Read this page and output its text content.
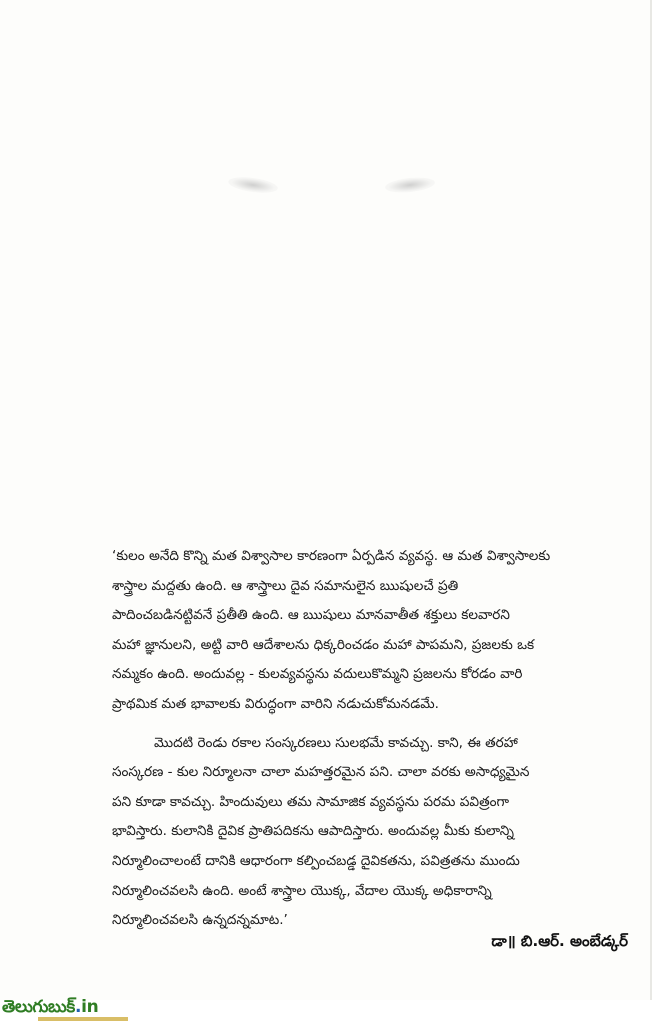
‘కులం అనేది కొన్ని మత విశ్వాసాల కారణంగా ఏర్పడిన వ్యవస్థ. ఆ మత విశ్వాసాలకు
శాస్త్రాల మద్దతు ఉంది. ఆ శాస్త్రాలు దైవ సమానులైన ఋషులచే ప్రతి
పాదించబడినట్టివనే ప్రతీతి ఉంది. ఆ ఋషులు మానవాతీత శక్తులు కలవారని
మహా జ్ఞానులని, అట్టి వారి ఆదేశాలను ధిక్కరించడం మహా పాపమని, ప్రజలకు ఒక
నమ్మకం ఉంది. అందువల్ల - కులవ్యవస్థను వదులుకొమ్మని ప్రజలను కోరడం వారి
ప్రాథమిక మత భావాలకు విరుద్ధంగా వారిని నడుచుకోమనడమే.
మొదటి రెండు రకాల సంస్కరణలు సులభమే కావచ్చు. కాని, ఈ తరహా
సంస్కరణ - కుల నిర్మూలనా చాలా మహత్తరమైన పని. చాలా వరకు అసాధ్యమైన
పని కూడా కావచ్చు. హిందువులు తమ సామాజిక వ్యవస్థను పరమ పవిత్రంగా
భావిస్తారు. కులానికి దైవిక ప్రాతిపదికను ఆపాదిస్తారు. అందువల్ల మీకు కులాన్ని
నిర్మూలించాలంటే దానికి ఆధారంగా కల్పించబడ్డ దైవికతను, పవిత్రతను ముందు
నిర్మూలించవలసి ఉంది. అంటే శాస్త్రాల యొక్క, వేదాల యొక్క అధికారాన్ని
నిర్మూలించవలసి ఉన్నదన్నమాట.’
డా॥ బి.ఆర్. అంబేడ్కర్
తెలుగుబుక్.in
